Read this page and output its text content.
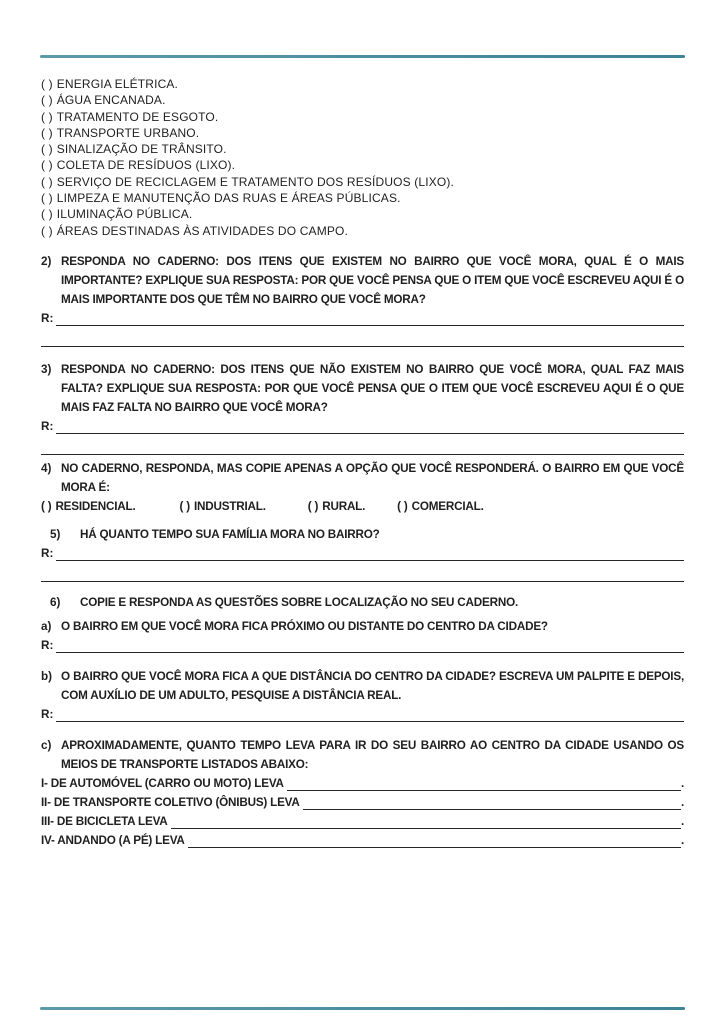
( ) ENERGIA ELÉTRICA.
( ) ÁGUA ENCANADA.
( ) TRATAMENTO DE ESGOTO.
( ) TRANSPORTE URBANO.
( ) SINALIZAÇÃO DE TRÂNSITO.
( ) COLETA DE RESÍDUOS (LIXO).
( ) SERVIÇO DE RECICLAGEM E TRATAMENTO DOS RESÍDUOS (LIXO).
( ) LIMPEZA E MANUTENÇÃO DAS RUAS E ÁREAS PÚBLICAS.
( ) ILUMINAÇÃO PÚBLICA.
( ) ÁREAS DESTINADAS ÀS ATIVIDADES DO CAMPO.
2) RESPONDA NO CADERNO: DOS ITENS QUE EXISTEM NO BAIRRO QUE VOCÊ MORA, QUAL É O MAIS IMPORTANTE? EXPLIQUE SUA RESPOSTA: POR QUE VOCÊ PENSA QUE O ITEM QUE VOCÊ ESCREVEU AQUI É O MAIS IMPORTANTE DOS QUE TÊM NO BAIRRO QUE VOCÊ MORA?
R:
3) RESPONDA NO CADERNO: DOS ITENS QUE NÃO EXISTEM NO BAIRRO QUE VOCÊ MORA, QUAL FAZ MAIS FALTA? EXPLIQUE SUA RESPOSTA: POR QUE VOCÊ PENSA QUE O ITEM QUE VOCÊ ESCREVEU AQUI É O QUE MAIS FAZ FALTA NO BAIRRO QUE VOCÊ MORA?
R:
4) NO CADERNO, RESPONDA, MAS COPIE APENAS A OPÇÃO QUE VOCÊ RESPONDERÁ. O BAIRRO EM QUE VOCÊ MORA É:
( ) RESIDENCIAL.	( ) INDUSTRIAL.	( ) RURAL.	( ) COMERCIAL.
5)	HÁ QUANTO TEMPO SUA FAMÍLIA MORA NO BAIRRO?
R:
6)	COPIE E RESPONDA AS QUESTÕES SOBRE LOCALIZAÇÃO NO SEU CADERNO.
a) O BAIRRO EM QUE VOCÊ MORA FICA PRÓXIMO OU DISTANTE DO CENTRO DA CIDADE?
R:
b) O BAIRRO QUE VOCÊ MORA FICA A QUE DISTÂNCIA DO CENTRO DA CIDADE? ESCREVA UM PALPITE E DEPOIS, COM AUXÍLIO DE UM ADULTO, PESQUISE A DISTÂNCIA REAL.
R:
c) APROXIMADAMENTE, QUANTO TEMPO LEVA PARA IR DO SEU BAIRRO AO CENTRO DA CIDADE USANDO OS MEIOS DE TRANSPORTE LISTADOS ABAIXO:
I- DE AUTOMÓVEL (CARRO OU MOTO) LEVA	.
II- DE TRANSPORTE COLETIVO (ÔNIBUS) LEVA	.
III- DE BICICLETA LEVA	.
IV- ANDANDO (A PÉ) LEVA	.
